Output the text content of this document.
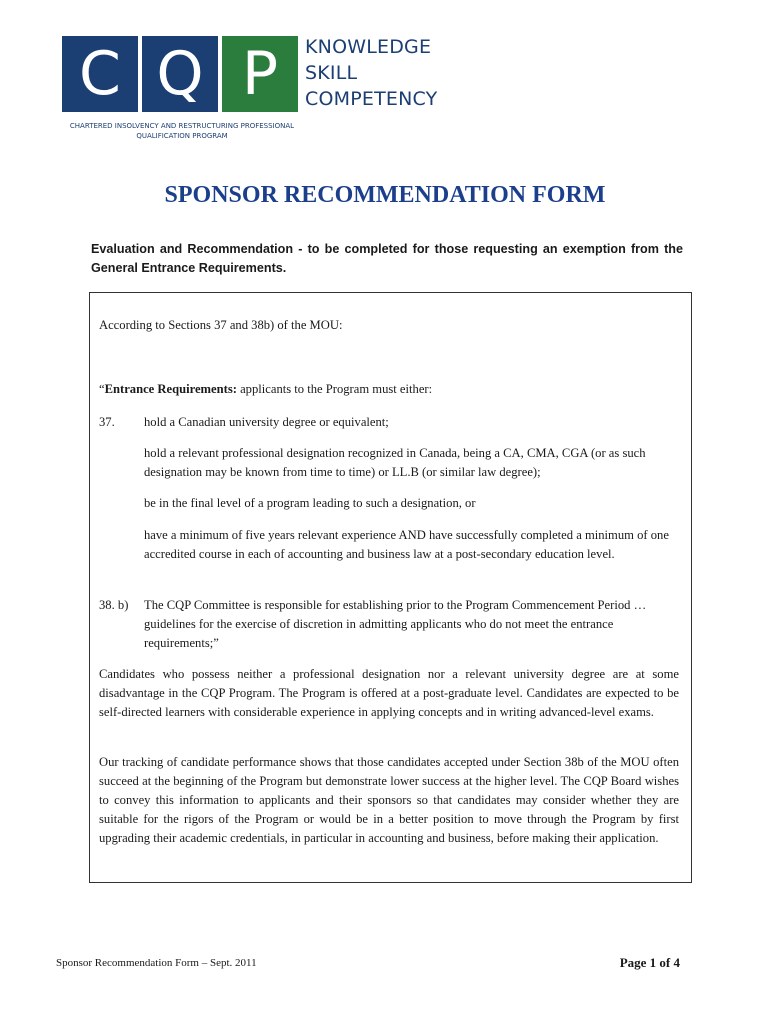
C Q P	KNOWLEDGE
SKILL
COMPETENCY
CHARTERED INSOLVENCY AND RESTRUCTURING PROFESSIONAL
QUALIFICATION PROGRAM
SPONSOR RECOMMENDATION FORM
Evaluation and Recommendation - to be completed for those requesting an exemption from the General Entrance Requirements.

According to Sections 37 and 38b) of the MOU:

“Entrance Requirements: applicants to the Program must either:

37. hold a Canadian university degree or equivalent;

hold a relevant professional designation recognized in Canada, being a CA, CMA, CGA (or as such designation may be known from time to time) or LL.B (or similar law degree);

be in the final level of a program leading to such a designation, or

have a minimum of five years relevant experience AND have successfully completed a minimum of one accredited course in each of accounting and business law at a post-secondary education level.

38. b) The CQP Committee is responsible for establishing prior to the Program Commencement Period … guidelines for the exercise of discretion in admitting applicants who do not meet the entrance requirements;”

Candidates who possess neither a professional designation nor a relevant university degree are at some disadvantage in the CQP Program. The Program is offered at a post-graduate level. Candidates are expected to be self-directed learners with considerable experience in applying concepts and in writing advanced-level exams.

Our tracking of candidate performance shows that those candidates accepted under Section 38b of the MOU often succeed at the beginning of the Program but demonstrate lower success at the higher level. The CQP Board wishes to convey this information to applicants and their sponsors so that candidates may consider whether they are suitable for the rigors of the Program or would be in a better position to move through the Program by first upgrading their academic credentials, in particular in accounting and business, before making their application.

Sponsor Recommendation Form – Sept. 2011	Page 1 of 4
